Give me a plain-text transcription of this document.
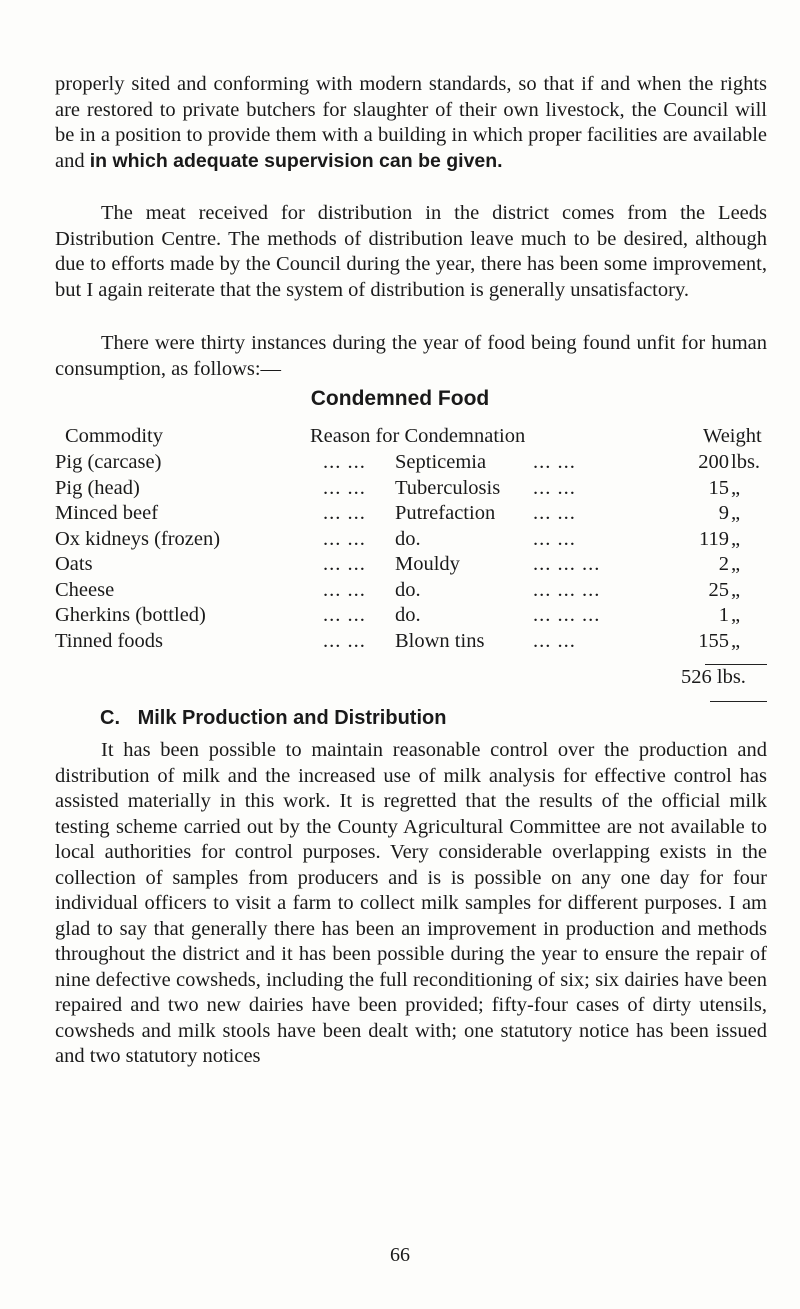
properly sited and conforming with modern standards, so that if and when the rights are restored to private butchers for slaughter of their own livestock, the Council will be in a position to provide them with a building in which proper facilities are available and in which adequate supervision can be given.

The meat received for distribution in the district comes from the Leeds Distribution Centre. The methods of distribution leave much to be desired, although due to efforts made by the Council during the year, there has been some improvement, but I again reiterate that the system of distribution is generally unsatisfactory.

There were thirty instances during the year of food being found unfit for human consumption, as follows:—

Condemned Food
Commodity	Reason for Condemnation	Weight
Pig (carcase)	... ... Septicemia ... ...	200 lbs.
Pig (head)	... ... Tuberculosis ... ...	15 „
Minced beef	... ... Putrefaction ... ...	9 „
Ox kidneys (frozen)	... ... do.	... ...	119 „
Oats	... ... Mouldy	... ... ...	2 „
Cheese	... ... do.	... ... ...	25 „
Gherkins (bottled)	... ... do.	... ... ...	1 „
Tinned foods	... ... Blown tins ... ...	155 „
526 lbs.
C. Milk Production and Distribution

It has been possible to maintain reasonable control over the production and distribution of milk and the increased use of milk analysis for effective control has assisted materially in this work. It is regretted that the results of the official milk testing scheme carried out by the County Agricultural Committee are not available to local authorities for control purposes. Very considerable overlapping exists in the collection of samples from producers and is is possible on any one day for four individual officers to visit a farm to collect milk samples for different purposes. I am glad to say that generally there has been an improvement in production and methods throughout the district and it has been possible during the year to ensure the repair of nine defective cowsheds, including the full reconditioning of six; six dairies have been repaired and two new dairies have been provided; fifty-four cases of dirty utensils, cowsheds and milk stools have been dealt with; one statutory notice has been issued and two statutory notices

66
